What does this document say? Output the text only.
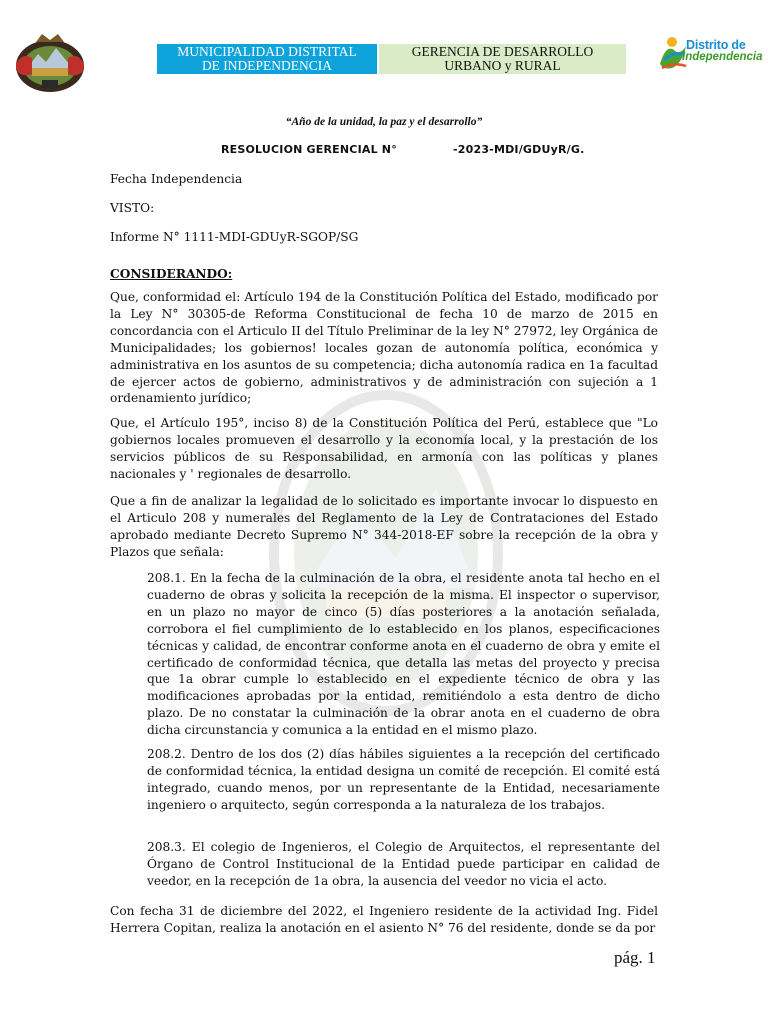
MUNICIPALIDAD DISTRITAL
DE INDEPENDENCIA
GERENCIA DE DESARROLLO
URBANO y RURAL
Distrito de
Independencia
“Año de la unidad, la paz y el desarrollo”
RESOLUCION GERENCIAL N°	-2023-MDI/GDUyR/G.
Fecha Independencia
VISTO:
Informe N° 1111-MDI-GDUyR-SGOP/SG
CONSIDERANDO:
Que, conformidad el: Artículo 194 de la Constitución Política del Estado, modificado por la Ley N° 30305-de Reforma Constitucional de fecha 10 de marzo de 2015 en concordancia con el Articulo II del Título Preliminar de la ley N° 27972, ley Orgánica de Municipalidades; los gobiernos! locales gozan de autonomía política, económica y administrativa en los asuntos de su competencia; dicha autonomía radica en 1a facultad de ejercer actos de gobierno, administrativos y de administración con sujeción a 1 ordenamiento jurídico;
Que, el Artículo 195°, inciso 8) de la Constitución Política del Perú, establece que "Lo gobiernos locales promueven el desarrollo y la economía local, y la prestación de los servicios públicos de su Responsabilidad, en armonía con las políticas y planes nacionales y ' regionales de desarrollo.
Que a fin de analizar la legalidad de lo solicitado es importante invocar lo dispuesto en el Articulo 208 y numerales del Reglamento de la Ley de Contrataciones del Estado aprobado mediante Decreto Supremo N° 344-2018-EF sobre la recepción de la obra y Plazos que señala:
208.1. En la fecha de la culminación de la obra, el residente anota tal hecho en el cuaderno de obras y solicita la recepción de la misma. El inspector o supervisor, en un plazo no mayor de cinco (5) días posteriores a la anotación señalada, corrobora el fiel cumplimiento de lo establecido en los planos, especificaciones técnicas y calidad, de encontrar conforme anota en el cuaderno de obra y emite el certificado de conformidad técnica, que detalla las metas del proyecto y precisa que 1a obrar cumple lo establecido en el expediente técnico de obra y las modificaciones aprobadas por la entidad, remitiéndolo a esta dentro de dicho plazo. De no constatar la culminación de la obrar anota en el cuaderno de obra dicha circunstancia y comunica a la entidad en el mismo plazo.
208.2. Dentro de los dos (2) días hábiles siguientes a la recepción del certificado de conformidad técnica, la entidad designa un comité de recepción. El comité está integrado, cuando menos, por un representante de la Entidad, necesariamente ingeniero o arquitecto, según corresponda a la naturaleza de los trabajos.
208.3. El colegio de Ingenieros, el Colegio de Arquitectos, el representante del Órgano de Control Institucional de la Entidad puede participar en calidad de veedor, en la recepción de 1a obra, la ausencia del veedor no vicia el acto.
Con fecha 31 de diciembre del 2022, el Ingeniero residente de la actividad Ing. Fidel Herrera Copitan, realiza la anotación en el asiento N° 76 del residente, donde se da por
pág. 1
